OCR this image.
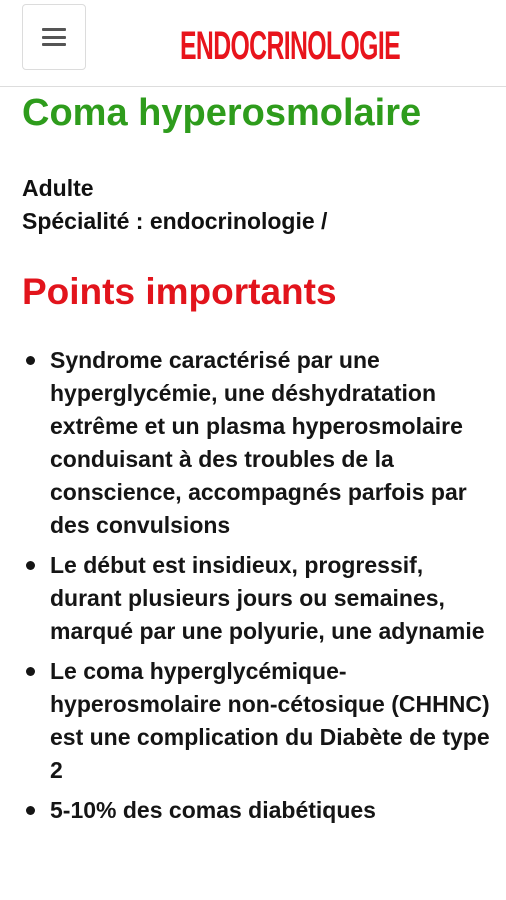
ENDOCRINOLOGIE
Coma hyperosmolaire
Adulte
Spécialité : endocrinologie /
Points importants
Syndrome caractérisé par une hyperglycémie, une déshydratation extrême et un plasma hyperosmolaire conduisant à des troubles de la conscience, accompagnés parfois par des convulsions
Le début est insidieux, progressif, durant plusieurs jours ou semaines, marqué par une polyurie, une adynamie
Le coma hyperglycémique-hyperosmolaire non-cétosique (CHHNC) est une complication du Diabète de type 2
5-10% des comas diabétiques
